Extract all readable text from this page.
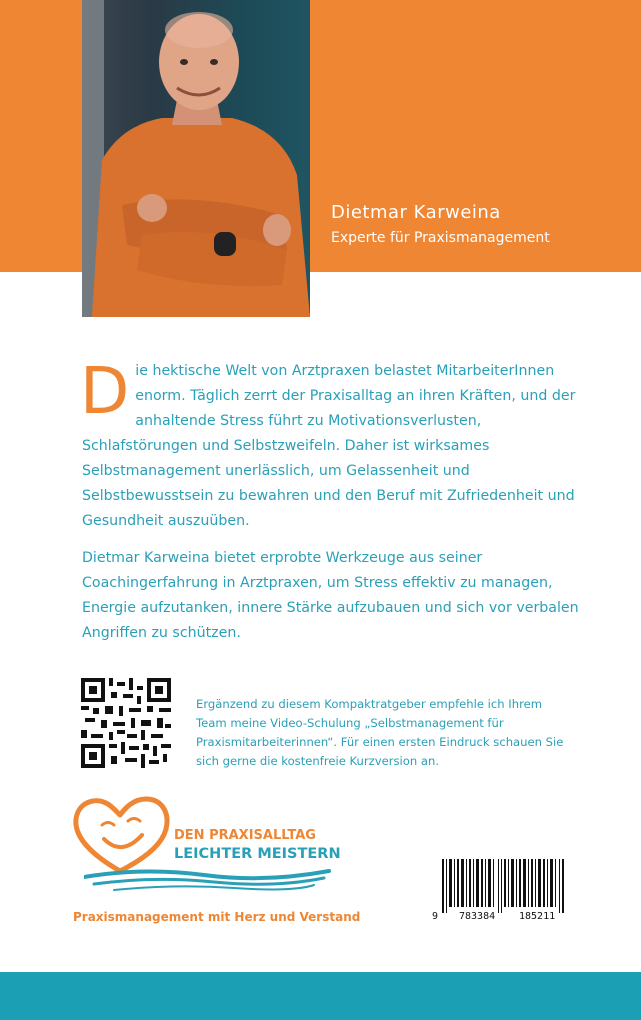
Dietmar Karweina
Experte für Praxismanagement
Die hektische Welt von Arztpraxen belastet MitarbeiterInnen enorm. Täglich zerrt der Praxisalltag an ihren Kräften, und der anhaltende Stress führt zu Motivationsverlusten, Schlafstörungen und Selbstzweifeln. Daher ist wirksames Selbstmanagement unerlässlich, um Gelassenheit und Selbstbewusstsein zu bewahren und den Beruf mit Zufriedenheit und Gesundheit auszuüben.
Dietmar Karweina bietet erprobte Werkzeuge aus seiner Coachingerfahrung in Arztpraxen, um Stress effektiv zu managen, Energie aufzutanken, innere Stärke aufzubauen und sich vor verbalen Angriffen zu schützen.
Ergänzend zu diesem Kompaktratgeber empfehle ich Ihrem Team meine Video-Schulung „Selbstmanagement für Praxismitarbeiterinnen“. Für einen ersten Eindruck schauen Sie sich gerne die kostenfreie Kurzversion an.
DEN PRAXISALLTAG
LEICHTER MEISTERN
Praxismanagement mit Herz und Verstand	9 783384 185211
